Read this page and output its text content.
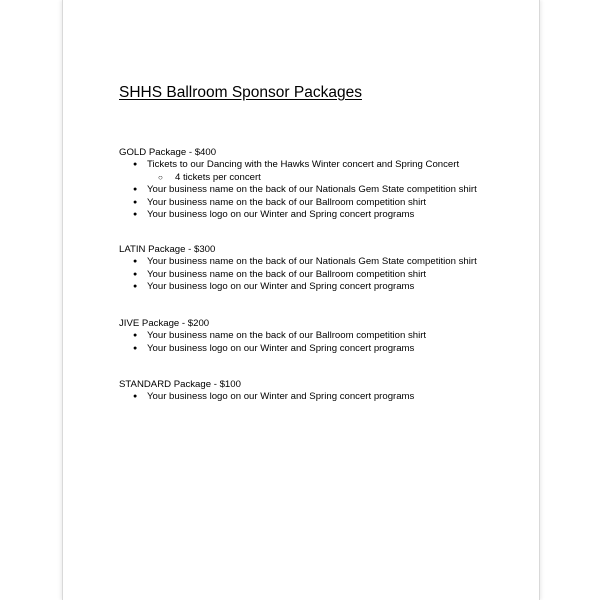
SHHS Ballroom Sponsor Packages
GOLD Package - $400
● Tickets to our Dancing with the Hawks Winter concert and Spring Concert
○ 4 tickets per concert
● Your business name on the back of our Nationals Gem State competition shirt
● Your business name on the back of our Ballroom competition shirt
● Your business logo on our Winter and Spring concert programs
LATIN Package - $300
● Your business name on the back of our Nationals Gem State competition shirt
● Your business name on the back of our Ballroom competition shirt
● Your business logo on our Winter and Spring concert programs
JIVE Package - $200
● Your business name on the back of our Ballroom competition shirt
● Your business logo on our Winter and Spring concert programs
STANDARD Package - $100
● Your business logo on our Winter and Spring concert programs
